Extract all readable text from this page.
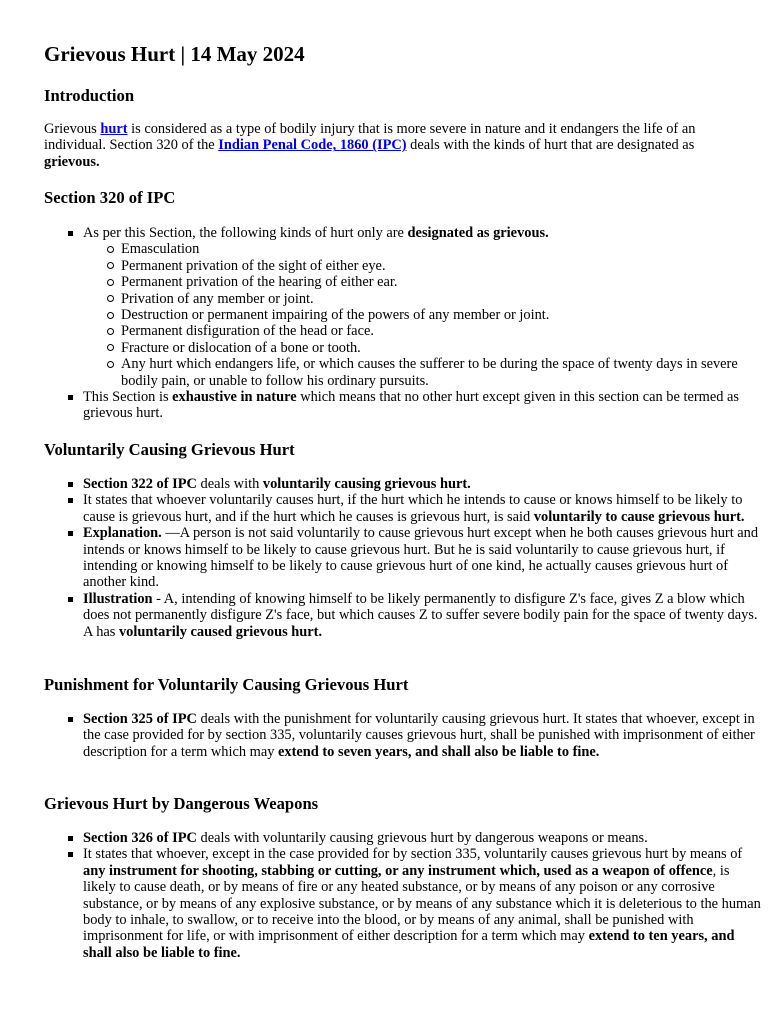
Grievous Hurt | 14 May 2024
Introduction

Grievous hurt is considered as a type of bodily injury that is more severe in nature and it endangers the life of an individual. Section 320 of the Indian Penal Code, 1860 (IPC) deals with the kinds of hurt that are designated as grievous.

Section 320 of IPC
As per this Section, the following kinds of hurt only are designated as grievous.
Emasculation
Permanent privation of the sight of either eye.
Permanent privation of the hearing of either ear.
Privation of any member or joint.
Destruction or permanent impairing of the powers of any member or joint.
Permanent disfiguration of the head or face.
Fracture or dislocation of a bone or tooth.
Any hurt which endangers life, or which causes the sufferer to be during the space of twenty days in severe bodily pain, or unable to follow his ordinary pursuits.
This Section is exhaustive in nature which means that no other hurt except given in this section can be termed as grievous hurt.
Voluntarily Causing Grievous Hurt
Section 322 of IPC deals with voluntarily causing grievous hurt.
It states that whoever voluntarily causes hurt, if the hurt which he intends to cause or knows himself to be likely to cause is grievous hurt, and if the hurt which he causes is grievous hurt, is said voluntarily to cause grievous hurt.
Explanation. —A person is not said voluntarily to cause grievous hurt except when he both causes grievous hurt and intends or knows himself to be likely to cause grievous hurt. But he is said voluntarily to cause grievous hurt, if intending or knowing himself to be likely to cause grievous hurt of one kind, he actually causes grievous hurt of another kind.
Illustration - A, intending of knowing himself to be likely permanently to disfigure Z's face, gives Z a blow which does not permanently disfigure Z's face, but which causes Z to suffer severe bodily pain for the space of twenty days. A has voluntarily caused grievous hurt.
Punishment for Voluntarily Causing Grievous Hurt
Section 325 of IPC deals with the punishment for voluntarily causing grievous hurt. It states that whoever, except in the case provided for by section 335, voluntarily causes grievous hurt, shall be punished with imprisonment of either description for a term which may extend to seven years, and shall also be liable to fine.
Grievous Hurt by Dangerous Weapons
Section 326 of IPC deals with voluntarily causing grievous hurt by dangerous weapons or means.
It states that whoever, except in the case provided for by section 335, voluntarily causes grievous hurt by means of any instrument for shooting, stabbing or cutting, or any instrument which, used as a weapon of offence, is likely to cause death, or by means of fire or any heated substance, or by means of any poison or any corrosive substance, or by means of any explosive substance, or by means of any substance which it is deleterious to the human body to inhale, to swallow, or to receive into the blood, or by means of any animal, shall be punished with imprisonment for life, or with imprisonment of either description for a term which may extend to ten years, and shall also be liable to fine.
